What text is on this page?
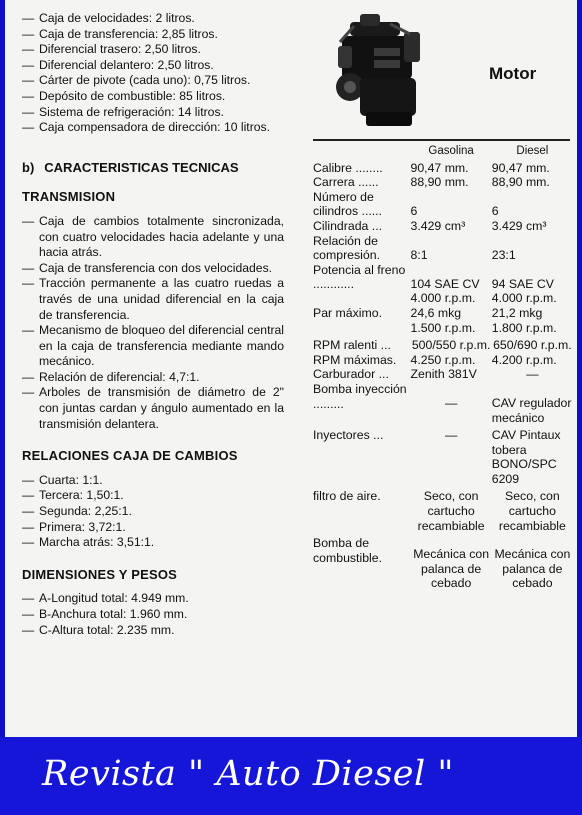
— Caja de velocidades: 2 litros.
— Caja de transferencia: 2,85 litros.
— Diferencial trasero: 2,50 litros.
— Diferencial delantero: 2,50 litros.
— Cárter de pivote (cada uno): 0,75 litros.
— Depósito de combustible: 85 litros.
— Sistema de refrigeración: 14 litros.
— Caja compensadora de dirección: 10 litros.
b) CARACTERISTICAS TECNICAS
TRANSMISION
— Caja de cambios totalmente sincronizada, con cuatro velocidades hacia adelante y una hacia atrás.
— Caja de transferencia con dos velocidades.
— Tracción permanente a las cuatro ruedas a través de una unidad diferencial en la caja de transferencia.
— Mecanismo de bloqueo del diferencial central en la caja de transferencia mediante mando mecánico.
— Relación de diferencial: 4,7:1.
— Arboles de transmisión de diámetro de 2" con juntas cardan y ángulo aumentado en la transmisión delantera.
RELACIONES CAJA DE CAMBIOS
— Cuarta: 1:1.
— Tercera: 1,50:1.
— Segunda: 2,25:1.
— Primera: 3,72:1.
— Marcha atrás: 3,51:1.
DIMENSIONES Y PESOS
— A-Longitud total: 4.949 mm.
— B-Anchura total: 1.960 mm.
— C-Altura total: 2.235 mm.
Motor
	Gasolina	Diesel
Calibre ........	90,47 mm.	90,47 mm.
Carrera ......	88,90 mm.	88,90 mm.
Número de cilindros ......	6	6
Cilindrada ...	3.429 cm³	3.429 cm³
Relación de compresión.	8:1	23:1
Potencia al freno ............	104 SAE CV 4.000 r.p.m.	94 SAE CV 4.000 r.p.m.
Par máximo.	24,6 mkg 1.500 r.p.m.	21,2 mkg 1.800 r.p.m.
RPM ralenti ...	500/550 r.p.m.	650/690 r.p.m.
RPM máximas.	4.250 r.p.m.	4.200 r.p.m.
Carburador ...	Zenith 381V	—
Bomba inyección .........	—	CAV regulador mecánico
Inyectores ...	—	CAV Pintaux tobera BONO/SPC 6209
filtro de aire.	Seco, con cartucho recambiable	Seco, con cartucho recambiable
Bomba de combustible.	Mecánica con palanca de cebado	Mecánica con palanca de cebado
Revista " Auto Diesel "
